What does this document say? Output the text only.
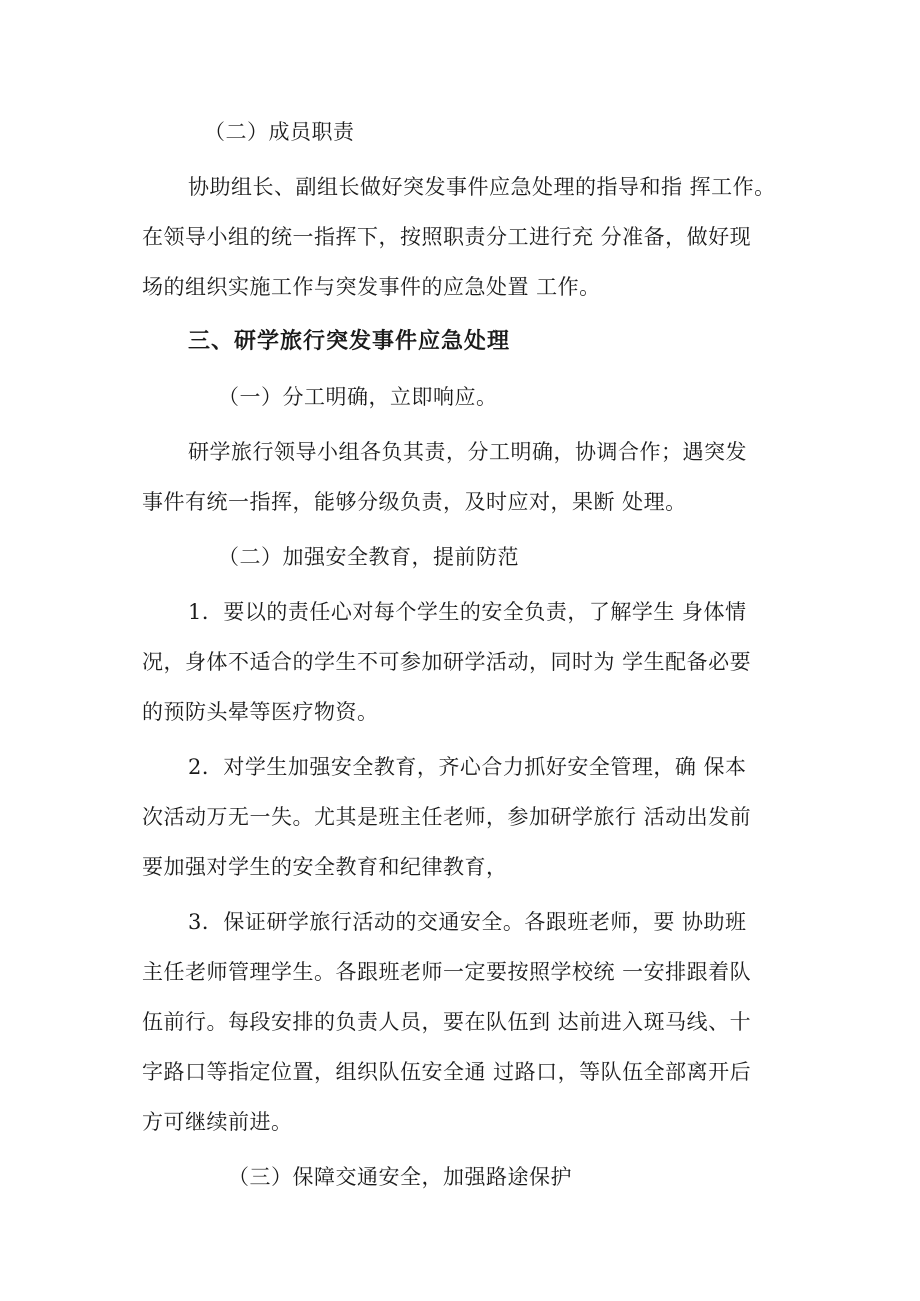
（二）成员职责
协助组长、副组长做好突发事件应急处理的指导和指 挥工作。
在领导小组的统一指挥下，按照职责分工进行充 分准备，做好现
场的组织实施工作与突发事件的应急处置 工作。
三、研学旅行突发事件应急处理
（一）分工明确，立即响应。
研学旅行领导小组各负其责，分工明确，协调合作；遇突发
事件有统一指挥，能够分级负责，及时应对，果断 处理。
（二）加强安全教育，提前防范
1．要以的责任心对每个学生的安全负责，了解学生 身体情
况，身体不适合的学生不可参加研学活动，同时为 学生配备必要
的预防头晕等医疗物资。
2．对学生加强安全教育，齐心合力抓好安全管理，确 保本
次活动万无一失。尤其是班主任老师，参加研学旅行 活动出发前
要加强对学生的安全教育和纪律教育，
3．保证研学旅行活动的交通安全。各跟班老师，要 协助班
主任老师管理学生。各跟班老师一定要按照学校统 一安排跟着队
伍前行。每段安排的负责人员，要在队伍到 达前进入斑马线、十
字路口等指定位置，组织队伍安全通 过路口，等队伍全部离开后
方可继续前进。
（三）保障交通安全，加强路途保护
